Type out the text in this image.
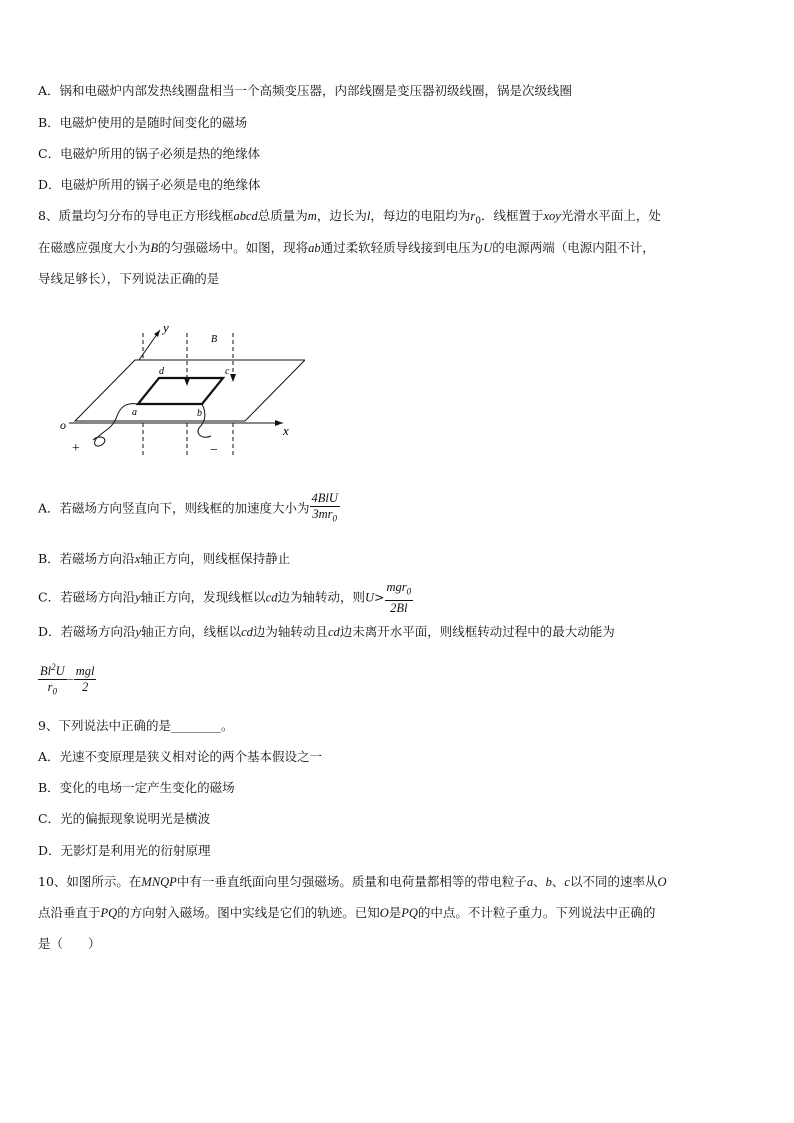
A．锅和电磁炉内部发热线圈盘相当一个高频变压器，内部线圈是变压器初级线圈，锅是次级线圈
B．电磁炉使用的是随时间变化的磁场
C．电磁炉所用的锅子必须是热的绝缘体
D．电磁炉所用的锅子必须是电的绝缘体
8、质量均匀分布的导电正方形线框abcd总质量为m，边长为l，每边的电阻均为$r_0$．线框置于xoy光滑水平面上，处
在磁感应强度大小为B的匀强磁场中。如图，现将ab通过柔软轻质导线接到电压为U的电源两端（电源内阻不计，
导线足够长），下列说法正确的是
y
x
o
B
a	b
c
d
+	−
A．若磁场方向竖直向下，则线框的加速度大小为 $\frac{\text{4BlU}}{3mr_0}$
B．若磁场方向沿x轴正方向，则线框保持静止
C．若磁场方向沿y轴正方向，发现线框以cd边为轴转动，则$U> \frac{mgr_0}{2Bl}$
D．若磁场方向沿y轴正方向，线框以cd边为轴转动且cd边未离开水平面，则线框转动过程中的最大动能为
$\frac{Bl^2U}{r_0} - \frac{\text{mgl}}{2}$
9、下列说法中正确的是________。
A．光速不变原理是狭义相对论的两个基本假设之一
B．变化的电场一定产生变化的磁场
C．光的偏振现象说明光是横波
D．无影灯是利用光的衍射原理
10、如图所示。在MNQP中有一垂直纸面向里匀强磁场。质量和电荷量都相等的带电粒子a、b、c以不同的速率从O
点沿垂直于PQ的方向射入磁场。图中实线是它们的轨迹。已知O是PQ的中点。不计粒子重力。下列说法中正确的
是（　　）
